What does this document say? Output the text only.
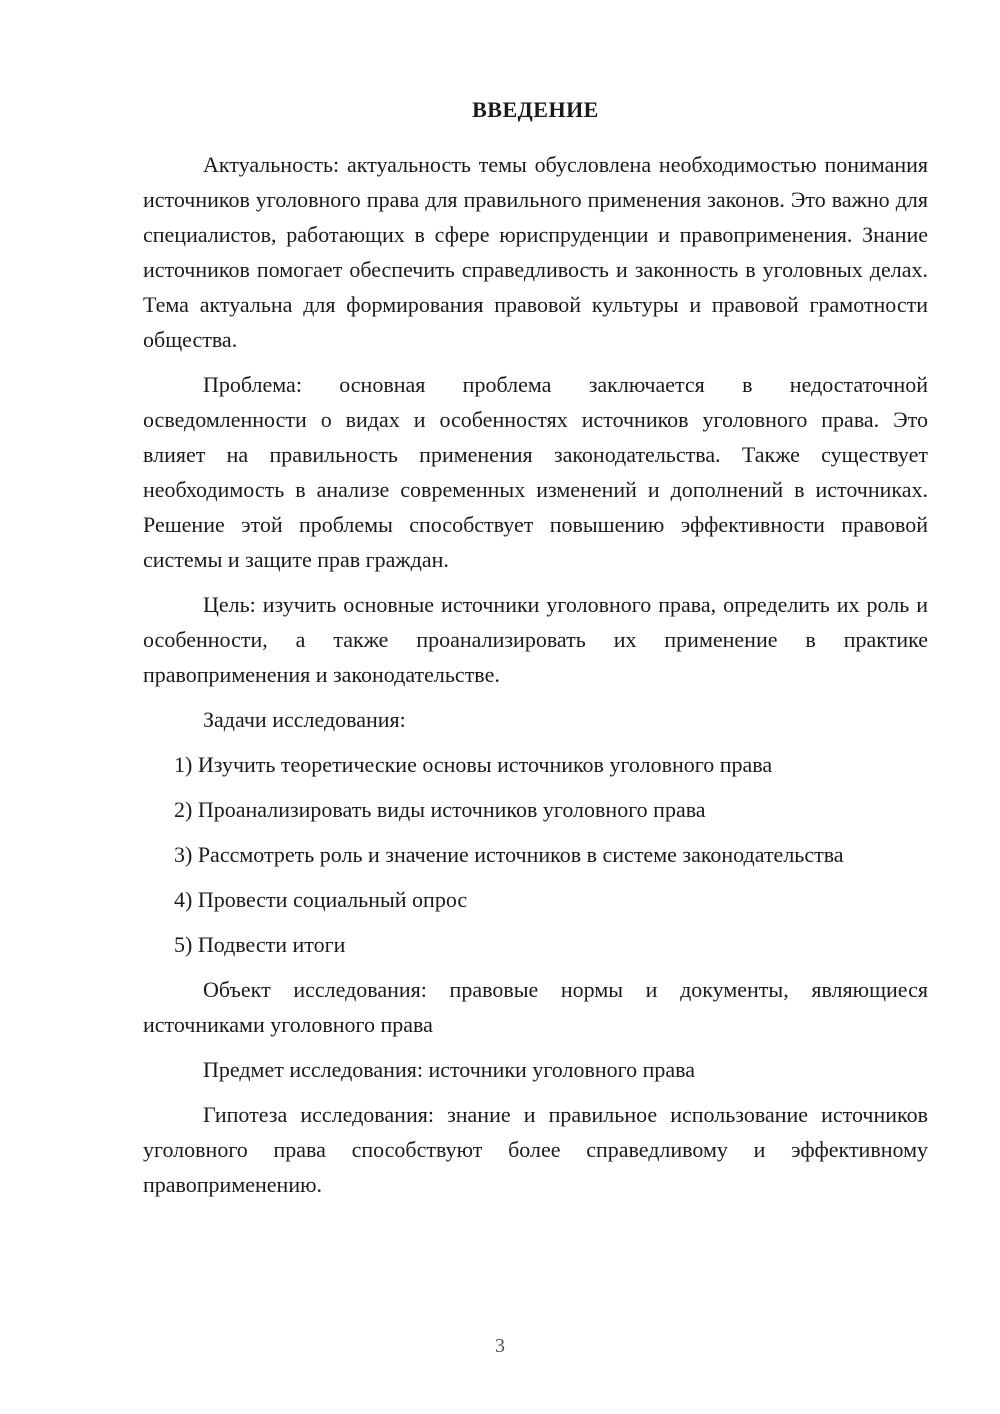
ВВЕДЕНИЕ

Актуальность: актуальность темы обусловлена необходимостью понимания источников уголовного права для правильного применения законов. Это важно для специалистов, работающих в сфере юриспруденции и правоприменения. Знание источников помогает обеспечить справедливость и законность в уголовных делах. Тема актуальна для формирования правовой культуры и правовой грамотности общества.

Проблема: основная проблема заключается в недостаточной осведомленности о видах и особенностях источников уголовного права. Это влияет на правильность применения законодательства. Также существует необходимость в анализе современных изменений и дополнений в источниках. Решение этой проблемы способствует повышению эффективности правовой системы и защите прав граждан.

Цель: изучить основные источники уголовного права, определить их роль и особенности, а также проанализировать их применение в практике правоприменения и законодательстве.

Задачи исследования:

1) Изучить теоретические основы источников уголовного права

2) Проанализировать виды источников уголовного права

3) Рассмотреть роль и значение источников в системе законодательства

4) Провести социальный опрос

5) Подвести итоги

Объект исследования: правовые нормы и документы, являющиеся источниками уголовного права

Предмет исследования: источники уголовного права

Гипотеза исследования: знание и правильное использование источников уголовного права способствуют более справедливому и эффективному правоприменению.

3
